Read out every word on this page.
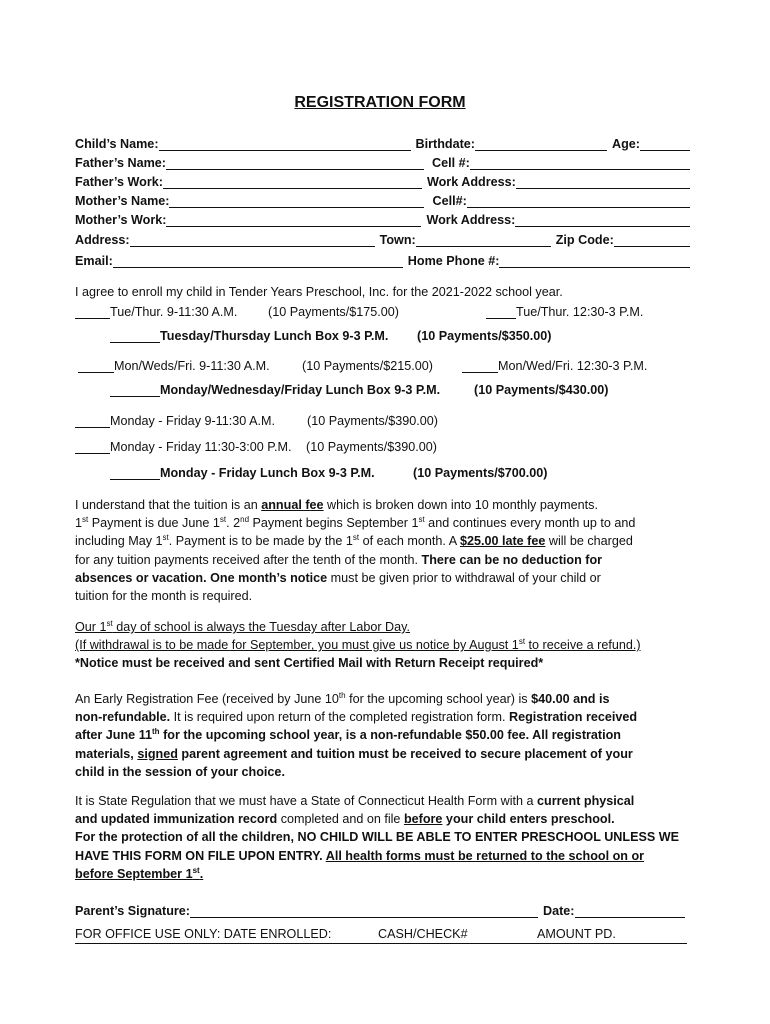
REGISTRATION FORM
Child’s Name:	Birthdate:	Age:
Father’s Name:	Cell #:
Father’s Work:	Work Address:
Mother’s Name:	Cell#:
Mother’s Work:	Work Address:
Address:	Town:	Zip Code:
Email:	Home Phone #:
I agree to enroll my child in Tender Years Preschool, Inc. for the 2021-2022 school year.
Tue/Thur. 9-11:30 A.M.	(10 Payments/$175.00)	Tue/Thur. 12:30-3 P.M.
Tuesday/Thursday Lunch Box 9-3 P.M.	(10 Payments/$350.00)
Mon/Weds/Fri. 9-11:30 A.M.	(10 Payments/$215.00)	Mon/Wed/Fri. 12:30-3 P.M.
Monday/Wednesday/Friday Lunch Box 9-3 P.M.	(10 Payments/$430.00)
Monday - Friday 9-11:30 A.M.	(10 Payments/$390.00)
Monday - Friday 11:30-3:00 P.M.	(10 Payments/$390.00)
Monday - Friday Lunch Box 9-3 P.M.	(10 Payments/$700.00)
I understand that the tuition is an annual fee which is broken down into 10 monthly payments.
1st Payment is due June 1st. 2nd Payment begins September 1st and continues every month up to and
including May 1st. Payment is to be made by the 1st of each month. A $25.00 late fee will be charged
for any tuition payments received after the tenth of the month. There can be no deduction for
absences or vacation. One month’s notice must be given prior to withdrawal of your child or
tuition for the month is required.
Our 1st day of school is always the Tuesday after Labor Day.
(If withdrawal is to be made for September, you must give us notice by August 1st to receive a refund.)
*Notice must be received and sent Certified Mail with Return Receipt required*
An Early Registration Fee (received by June 10th for the upcoming school year) is $40.00 and is
non-refundable. It is required upon return of the completed registration form. Registration received
after June 11th for the upcoming school year, is a non-refundable $50.00 fee. All registration
materials, signed parent agreement and tuition must be received to secure placement of your
child in the session of your choice.
It is State Regulation that we must have a State of Connecticut Health Form with a current physical
and updated immunization record completed and on file before your child enters preschool.
For the protection of all the children, NO CHILD WILL BE ABLE TO ENTER PRESCHOOL UNLESS WE
HAVE THIS FORM ON FILE UPON ENTRY. All health forms must be returned to the school on or
before September 1st.
Parent’s Signature:	Date:
FOR OFFICE USE ONLY: DATE ENROLLED:	CASH/CHECK#	AMOUNT PD.
